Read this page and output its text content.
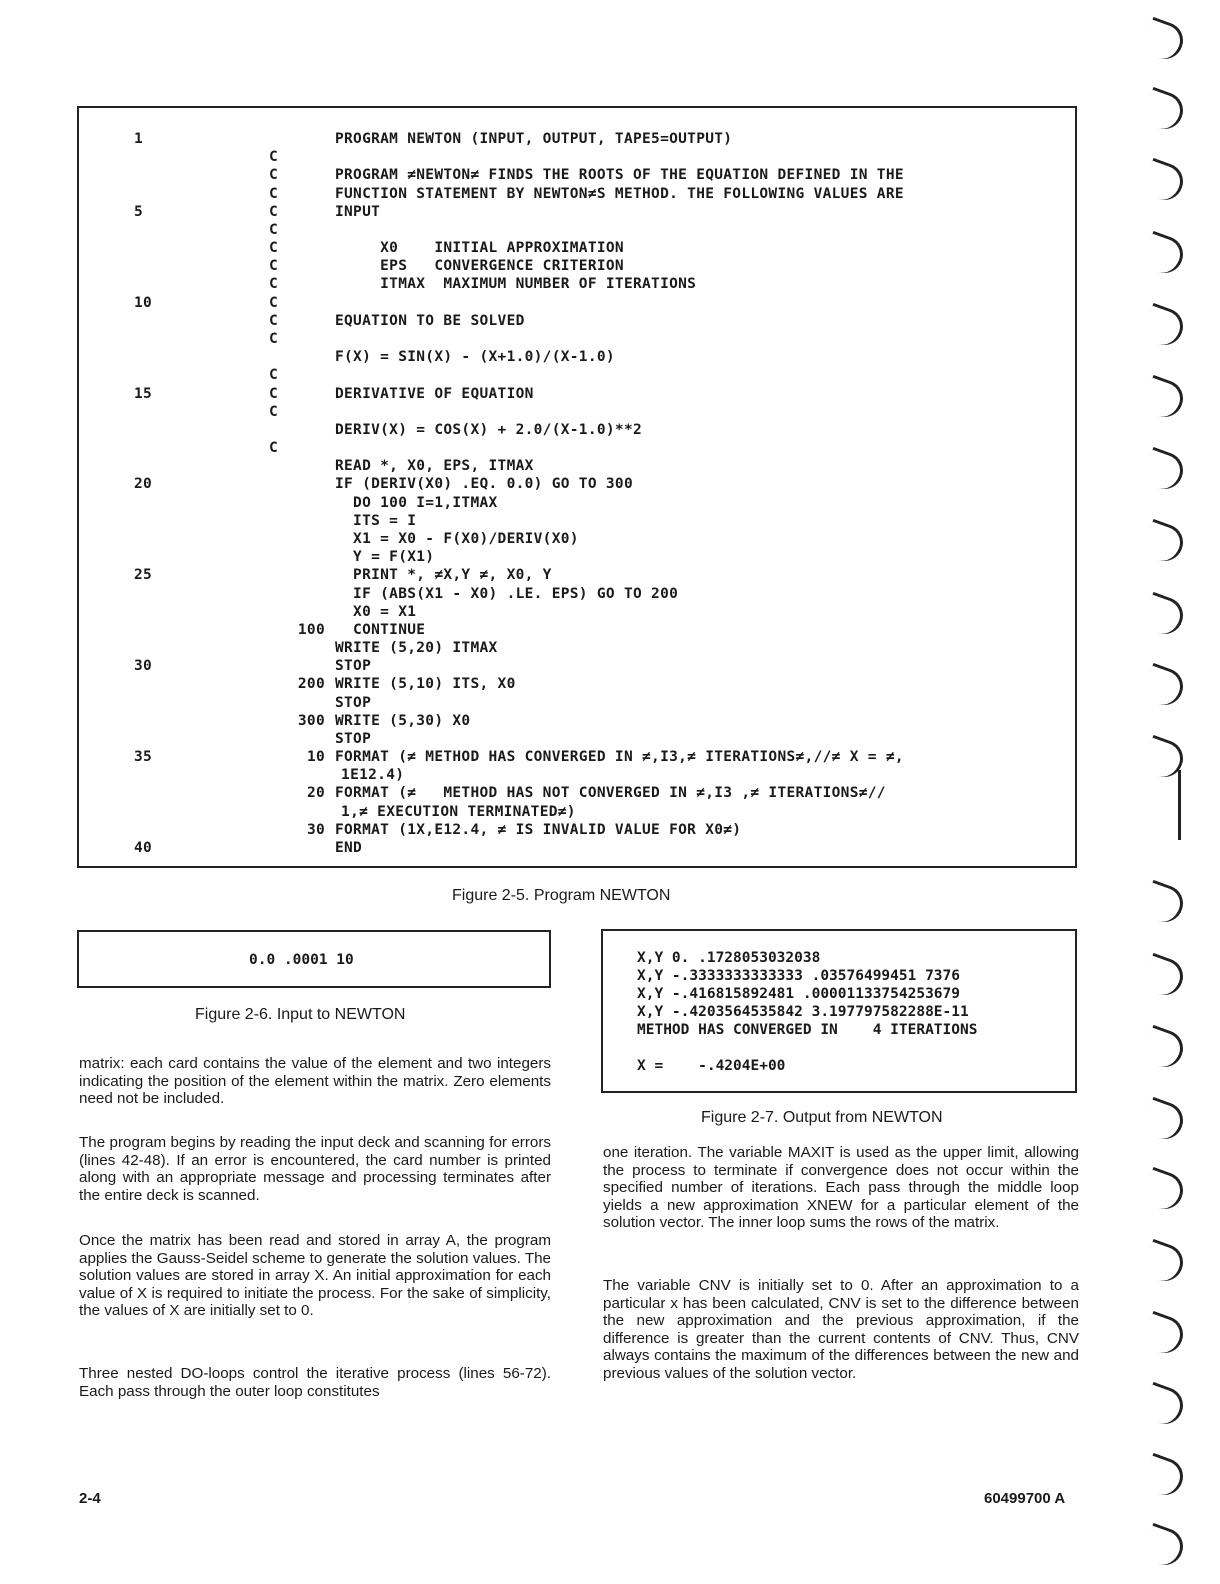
1	PROGRAM NEWTON (INPUT, OUTPUT, TAPE5=OUTPUT)
C
C	PROGRAM ≠NEWTON≠ FINDS THE ROOTS OF THE EQUATION DEFINED IN THE
C	FUNCTION STATEMENT BY NEWTON≠S METHOD. THE FOLLOWING VALUES ARE
5	C	INPUT
C
C	X0    INITIAL APPROXIMATION
C	EPS   CONVERGENCE CRITERION
C	ITMAX  MAXIMUM NUMBER OF ITERATIONS
10	C
C	EQUATION TO BE SOLVED
C
F(X) = SIN(X) - (X+1.0)/(X-1.0)
C
15	C	DERIVATIVE OF EQUATION
C
DERIV(X) = COS(X) + 2.0/(X-1.0)**2
C
READ *, X0, EPS, ITMAX
20	IF (DERIV(X0) .EQ. 0.0) GO TO 300
DO 100 I=1,ITMAX
ITS = I
X1 = X0 - F(X0)/DERIV(X0)
Y = F(X1)
25	PRINT *, ≠X,Y ≠, X0, Y
IF (ABS(X1 - X0) .LE. EPS) GO TO 200
X0 = X1
100 CONTINUE
WRITE (5,20) ITMAX
30	STOP
200 WRITE (5,10) ITS, X0
STOP
300 WRITE (5,30) X0
STOP
35	10 FORMAT (≠ METHOD HAS CONVERGED IN ≠,I3,≠ ITERATIONS≠,//≠ X = ≠,
1E12.4)
20 FORMAT (≠   METHOD HAS NOT CONVERGED IN ≠,I3 ,≠ ITERATIONS≠//
1,≠ EXECUTION TERMINATED≠)
30 FORMAT (1X,E12.4, ≠ IS INVALID VALUE FOR X0≠)
40	END
Figure 2-5. Program NEWTON
0.0 .0001 10
Figure 2-6. Input to NEWTON
X,Y 0. .1728053032038
X,Y -.3333333333333 .03576499451 7376
X,Y -.416815892481 .00001133754253679
X,Y -.4203564535842 3.197797582288E-11
METHOD HAS CONVERGED IN    4 ITERATIONS
X =    -.4204E+00
Figure 2-7. Output from NEWTON
matrix: each card contains the value of the element and two integers indicating the position of the element within the matrix. Zero elements need not be included.
The program begins by reading the input deck and scanning for errors (lines 42-48). If an error is encountered, the card number is printed along with an appropriate message and processing terminates after the entire deck is scanned.
Once the matrix has been read and stored in array A, the program applies the Gauss-Seidel scheme to generate the solution values. The solution values are stored in array X. An initial approximation for each value of X is required to initiate the process. For the sake of simplicity, the values of X are initially set to 0.
Three nested DO-loops control the iterative process (lines 56-72). Each pass through the outer loop constitutes
one iteration. The variable MAXIT is used as the upper limit, allowing the process to terminate if convergence does not occur within the specified number of iterations. Each pass through the middle loop yields a new approximation XNEW for a particular element of the solution vector. The inner loop sums the rows of the matrix.
The variable CNV is initially set to 0. After an approximation to a particular x has been calculated, CNV is set to the difference between the new approximation and the previous approximation, if the difference is greater than the current contents of CNV. Thus, CNV always contains the maximum of the differences between the new and previous values of the solution vector.
2-4	60499700 A
